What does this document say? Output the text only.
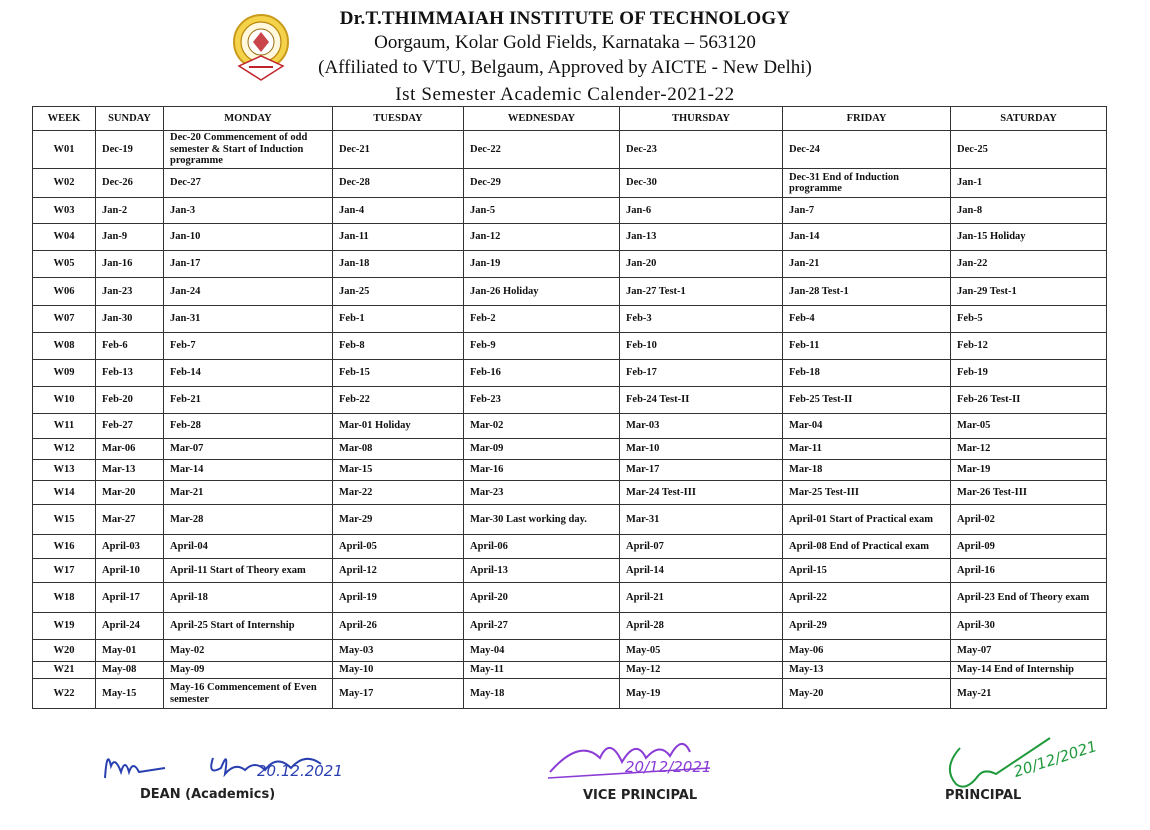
Dr.T.THIMMAIAH INSTITUTE OF TECHNOLOGY
Oorgaum, Kolar Gold Fields, Karnataka – 563120
(Affiliated to VTU, Belgaum, Approved by AICTE - New Delhi)
Ist Semester Academic Calender-2021-22
WEEK	SUNDAY	MONDAY	TUESDAY	WEDNESDAY	THURSDAY	FRIDAY	SATURDAY
W01	Dec-19	Dec-20 Commencement of odd semester & Start of Induction programme	Dec-21	Dec-22	Dec-23	Dec-24	Dec-25
W02	Dec-26	Dec-27	Dec-28	Dec-29	Dec-30	Dec-31 End of Induction programme	Jan-1
W03	Jan-2	Jan-3	Jan-4	Jan-5	Jan-6	Jan-7	Jan-8
W04	Jan-9	Jan-10	Jan-11	Jan-12	Jan-13	Jan-14	Jan-15 Holiday
W05	Jan-16	Jan-17	Jan-18	Jan-19	Jan-20	Jan-21	Jan-22
W06	Jan-23	Jan-24	Jan-25	Jan-26 Holiday	Jan-27 Test-1	Jan-28 Test-1	Jan-29 Test-1
W07	Jan-30	Jan-31	Feb-1	Feb-2	Feb-3	Feb-4	Feb-5
W08	Feb-6	Feb-7	Feb-8	Feb-9	Feb-10	Feb-11	Feb-12
W09	Feb-13	Feb-14	Feb-15	Feb-16	Feb-17	Feb-18	Feb-19
W10	Feb-20	Feb-21	Feb-22	Feb-23	Feb-24 Test-II	Feb-25 Test-II	Feb-26 Test-II
W11	Feb-27	Feb-28	Mar-01 Holiday	Mar-02	Mar-03	Mar-04	Mar-05
W12	Mar-06	Mar-07	Mar-08	Mar-09	Mar-10	Mar-11	Mar-12
W13	Mar-13	Mar-14	Mar-15	Mar-16	Mar-17	Mar-18	Mar-19
W14	Mar-20	Mar-21	Mar-22	Mar-23	Mar-24 Test-III	Mar-25 Test-III	Mar-26 Test-III
W15	Mar-27	Mar-28	Mar-29	Mar-30 Last working day.	Mar-31	April-01 Start of Practical exam	April-02
W16	April-03	April-04	April-05	April-06	April-07	April-08 End of Practical exam	April-09
W17	April-10	April-11 Start of Theory exam	April-12	April-13	April-14	April-15	April-16
W18	April-17	April-18	April-19	April-20	April-21	April-22	April-23 End of Theory exam
W19	April-24	April-25 Start of Internship	April-26	April-27	April-28	April-29	April-30
W20	May-01	May-02	May-03	May-04	May-05	May-06	May-07
W21	May-08	May-09	May-10	May-11	May-12	May-13	May-14 End of Internship
W22	May-15	May-16 Commencement of Even semester	May-17	May-18	May-19	May-20	May-21
20.12.2021
DEAN (Academics)
20/12/2021
VICE PRINCIPAL
20/12/2021
PRINCIPAL
